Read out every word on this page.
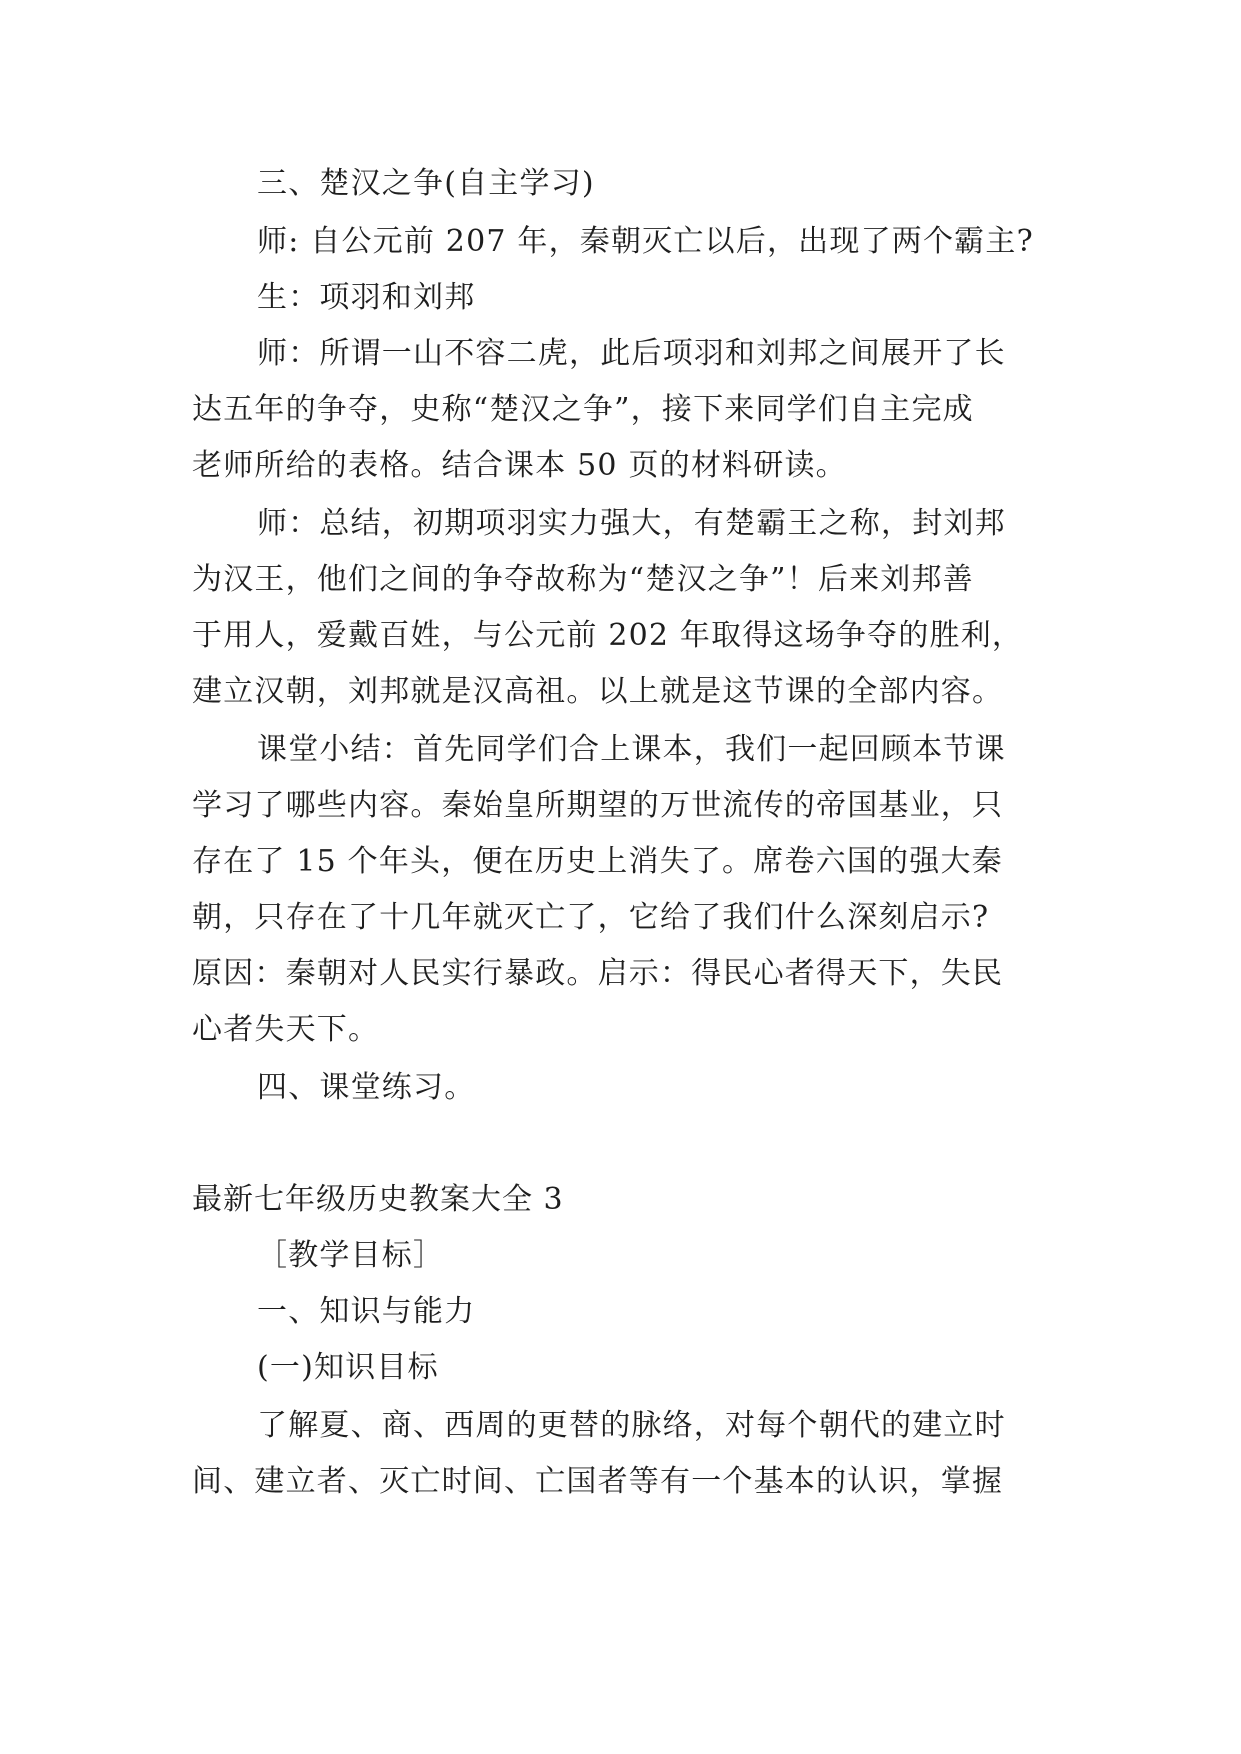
三、楚汉之争(自主学习)
师: 自公元前 207 年，秦朝灭亡以后，出现了两个霸主?
生：项羽和刘邦
师：所谓一山不容二虎，此后项羽和刘邦之间展开了长
达五年的争夺，史称“楚汉之争”，接下来同学们自主完成
老师所给的表格。结合课本 50 页的材料研读。
师：总结，初期项羽实力强大，有楚霸王之称，封刘邦
为汉王，他们之间的争夺故称为“楚汉之争”！后来刘邦善
于用人，爱戴百姓，与公元前 202 年取得这场争夺的胜利，
建立汉朝，刘邦就是汉高祖。以上就是这节课的全部内容。
课堂小结：首先同学们合上课本，我们一起回顾本节课
学习了哪些内容。秦始皇所期望的万世流传的帝国基业，只
存在了 15 个年头，便在历史上消失了。席卷六国的强大秦
朝，只存在了十几年就灭亡了，它给了我们什么深刻启示?
原因：秦朝对人民实行暴政。启示：得民心者得天下，失民
心者失天下。
四、课堂练习。
最新七年级历史教案大全 3
［教学目标］
一、知识与能力
(一)知识目标
了解夏、商、西周的更替的脉络，对每个朝代的建立时
间、建立者、灭亡时间、亡国者等有一个基本的认识，掌握
